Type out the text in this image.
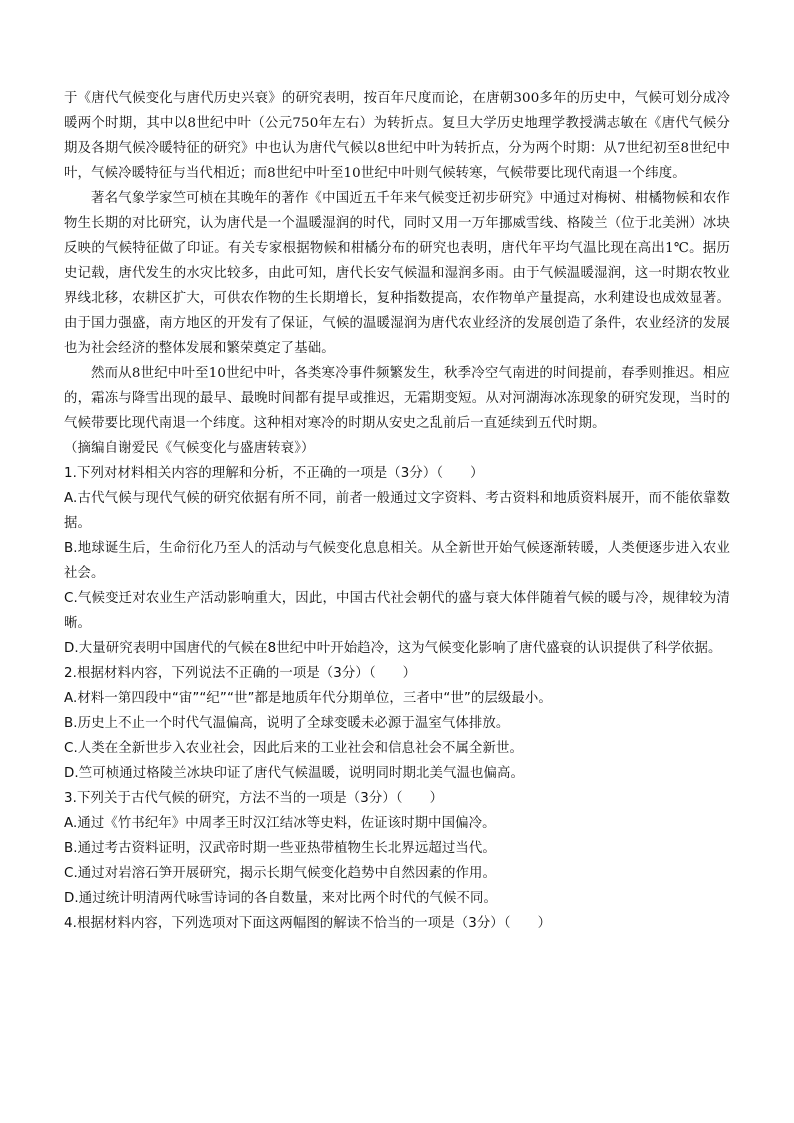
于《唐代气候变化与唐代历史兴衰》的研究表明，按百年尺度而论，在唐朝300多年的历史中，气候可划分成冷暖两个时期，其中以8世纪中叶（公元750年左右）为转折点。复旦大学历史地理学教授满志敏在《唐代气候分期及各期气候冷暖特征的研究》中也认为唐代气候以8世纪中叶为转折点，分为两个时期：从7世纪初至8世纪中叶，气候冷暖特征与当代相近；而8世纪中叶至10世纪中叶则气候转寒，气候带要比现代南退一个纬度。

著名气象学家竺可桢在其晚年的著作《中国近五千年来气候变迁初步研究》中通过对梅树、柑橘物候和农作物生长期的对比研究，认为唐代是一个温暖湿润的时代，同时又用一万年挪威雪线、格陵兰（位于北美洲）冰块反映的气候特征做了印证。有关专家根据物候和柑橘分布的研究也表明，唐代年平均气温比现在高出1℃。据历史记载，唐代发生的水灾比较多，由此可知，唐代长安气候温和湿润多雨。由于气候温暖湿润，这一时期农牧业界线北移，农耕区扩大，可供农作物的生长期增长，复种指数提高，农作物单产量提高，水利建设也成效显著。由于国力强盛，南方地区的开发有了保证，气候的温暖湿润为唐代农业经济的发展创造了条件，农业经济的发展也为社会经济的整体发展和繁荣奠定了基础。

然而从8世纪中叶至10世纪中叶，各类寒冷事件频繁发生，秋季冷空气南进的时间提前，春季则推迟。相应的，霜冻与降雪出现的最早、最晚时间都有提早或推迟，无霜期变短。从对河湖海冰冻现象的研究发现，当时的气候带要比现代南退一个纬度。这种相对寒冷的时期从安史之乱前后一直延续到五代时期。

（摘编自谢爱民《气候变化与盛唐转衰》）

1.下列对材料相关内容的理解和分析，不正确的一项是（3分）（　　）

A.古代气候与现代气候的研究依据有所不同，前者一般通过文字资料、考古资料和地质资料展开，而不能依靠数据。

B.地球诞生后，生命衍化乃至人的活动与气候变化息息相关。从全新世开始气候逐渐转暖，人类便逐步进入农业社会。

C.气候变迁对农业生产活动影响重大，因此，中国古代社会朝代的盛与衰大体伴随着气候的暖与冷，规律较为清晰。

D.大量研究表明中国唐代的气候在8世纪中叶开始趋冷，这为气候变化影响了唐代盛衰的认识提供了科学依据。

2.根据材料内容，下列说法不正确的一项是（3分）（　　）

A.材料一第四段中“宙”“纪”“世”都是地质年代分期单位，三者中“世”的层级最小。

B.历史上不止一个时代气温偏高，说明了全球变暖未必源于温室气体排放。

C.人类在全新世步入农业社会，因此后来的工业社会和信息社会不属全新世。

D.竺可桢通过格陵兰冰块印证了唐代气候温暖，说明同时期北美气温也偏高。

3.下列关于古代气候的研究，方法不当的一项是（3分）（　　）

A.通过《竹书纪年》中周孝王时汉江结冰等史料，佐证该时期中国偏冷。

B.通过考古资料证明，汉武帝时期一些亚热带植物生长北界远超过当代。

C.通过对岩溶石笋开展研究，揭示长期气候变化趋势中自然因素的作用。

D.通过统计明清两代咏雪诗词的各自数量，来对比两个时代的气候不同。

4.根据材料内容，下列选项对下面这两幅图的解读不恰当的一项是（3分）（　　）
